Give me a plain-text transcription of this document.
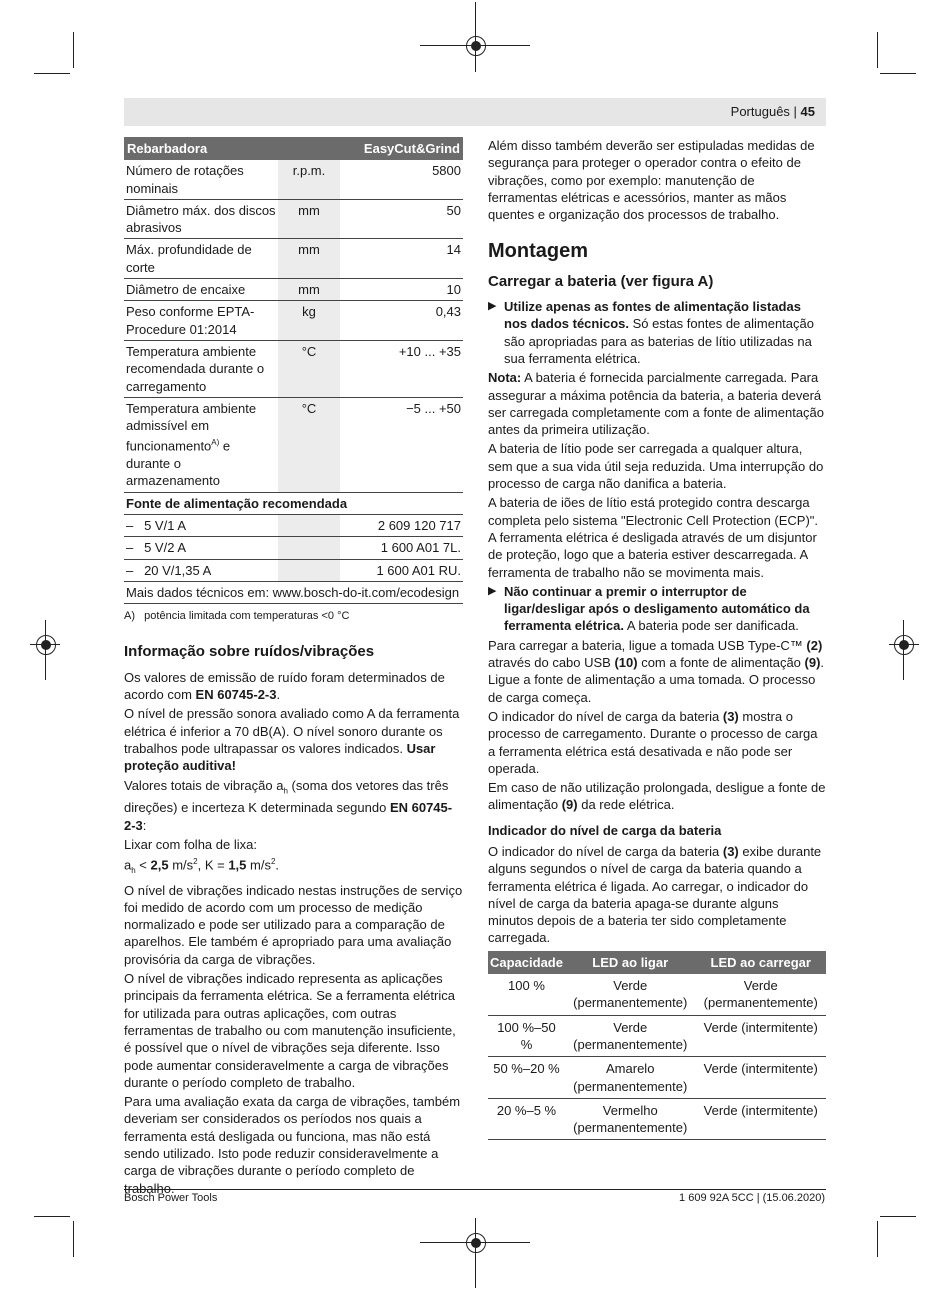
Português | 45
Rebarbadora		EasyCut&Grind
Número de rotações nominais	r.p.m.	5800
Diâmetro máx. dos discos abrasivos	mm	50
Máx. profundidade de corte	mm	14
Diâmetro de encaixe	mm	10
Peso conforme EPTA-Procedure 01:2014	kg	0,43
Temperatura ambiente recomendada durante o carregamento	°C	+10 ... +35
Temperatura ambiente admissível em funcionamento$^{A)}$ e durante o armazenamento	°C	−5 ... +50
Fonte de alimentação recomendada		
–   5 V/1 A		2 609 120 717
–   5 V/2 A		1 600 A01 7L.
–   20 V/1,35 A		1 600 A01 RU.
Mais dados técnicos em: www.bosch-do-it.com/ecodesign		
A) potência limitada com temperaturas <0 °C
Informação sobre ruídos/vibrações

Os valores de emissão de ruído foram determinados de acordo com EN 60745-2-3.

O nível de pressão sonora avaliado como A da ferramenta elétrica é inferior a 70 dB(A). O nível sonoro durante os trabalhos pode ultrapassar os valores indicados. Usar proteção auditiva!

Valores totais de vibração $a_h$ (soma dos vetores das três direções) e incerteza K determinada segundo EN 60745-2-3:

Lixar com folha de lixa:
$a_h < 2,5$ $m/s^2$, K = 1,5 $m/s^2$.

O nível de vibrações indicado nestas instruções de serviço foi medido de acordo com um processo de medição normalizado e pode ser utilizado para a comparação de aparelhos. Ele também é apropriado para uma avaliação provisória da carga de vibrações.

O nível de vibrações indicado representa as aplicações principais da ferramenta elétrica. Se a ferramenta elétrica for utilizada para outras aplicações, com outras ferramentas de trabalho ou com manutenção insuficiente, é possível que o nível de vibrações seja diferente. Isso pode aumentar consideravelmente a carga de vibrações durante o período completo de trabalho.

Para uma avaliação exata da carga de vibrações, também deveriam ser considerados os períodos nos quais a ferramenta está desligada ou funciona, mas não está sendo utilizado. Isto pode reduzir consideravelmente a carga de vibrações durante o período completo de

Além disso também deverão ser estipuladas medidas de segurança para proteger o operador contra o efeito de vibrações, como por exemplo: manutenção de ferramentas elétricas e acessórios, manter as mãos quentes e organização dos processos de trabalho.

Montagem
Carregar a bateria (ver figura A)
▶ Utilize apenas as fontes de alimentação listadas nos dados técnicos. Só estas fontes de alimentação são apropriadas para as baterias de lítio utilizadas na sua ferramenta elétrica.

Nota: A bateria é fornecida parcialmente carregada. Para assegurar a máxima potência da bateria, a bateria deverá ser carregada completamente com a fonte de alimentação antes da primeira utilização.

A bateria de lítio pode ser carregada a qualquer altura, sem que a sua vida útil seja reduzida. Uma interrupção do processo de carga não danifica a bateria.

A bateria de iões de lítio está protegido contra descarga completa pelo sistema "Electronic Cell Protection (ECP)". A ferramenta elétrica é desligada através de um disjuntor de proteção, logo que a bateria estiver descarregada. A ferramenta de trabalho não se movimenta mais.

▶ Não continuar a premir o interruptor de ligar/desligar após o desligamento automático da ferramenta elétrica. A bateria pode ser danificada.

Para carregar a bateria, ligue a tomada USB Type-C™ (2) através do cabo USB (10) com a fonte de alimentação (9). Ligue a fonte de alimentação a uma tomada. O processo de carga começa.

O indicador do nível de carga da bateria (3) mostra o processo de carregamento. Durante o processo de carga a ferramenta elétrica está desativada e não pode ser operada.

Em caso de não utilização prolongada, desligue a fonte de alimentação (9) da rede elétrica.

Indicador do nível de carga da bateria

O indicador do nível de carga da bateria (3) exibe durante alguns segundos o nível de carga da bateria quando a ferramenta elétrica é ligada. Ao carregar, o indicador do nível de carga da bateria apaga-se durante alguns minutos depois de a bateria ter sido completamente carregada.

Capacidade	LED ao ligar	LED ao carregar
100 %	Verde (permanentemente)	Verde (permanentemente)
100 %–50 %	Verde (permanentemente)	Verde (intermitente)
50 %–20 %	Amarelo (permanentemente)	Verde (intermitente)
20 %–5 %	Vermelho (permanentemente)	Verde (intermitente)
Bosch Power Tools	1 609 92A 5CC | (15.06.2020)
